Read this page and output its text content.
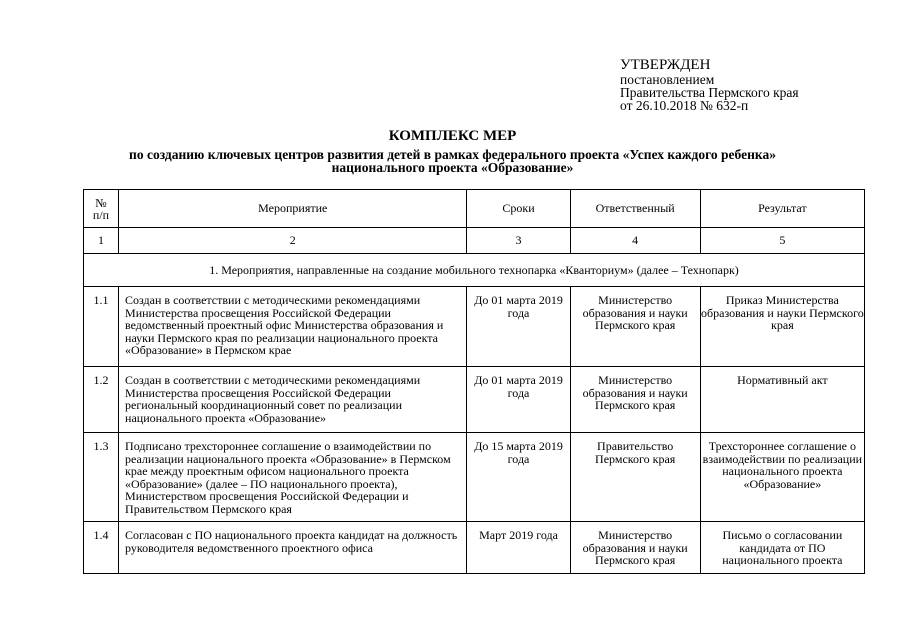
УТВЕРЖДЕН
постановлением
Правительства Пермского края
от 26.10.2018 № 632-п
КОМПЛЕКС МЕР
по созданию ключевых центров развития детей в рамках федерального проекта «Успех каждого ребенка»
национального проекта «Образование»
№
п/п	Мероприятие	Сроки	Ответственный	Результат
1	2	3	4	5
1. Мероприятия, направленные на создание мобильного технопарка «Кванториум» (далее – Технопарк)				
1.1	Создан в соответствии с методическими рекомендациями Министерства просвещения Российской Федерации ведомственный проектный офис Министерства образования и науки Пермского края по реализации национального проекта «Образование» в Пермском крае	До 01 марта 2019 года	Министерство образования и науки Пермского края	Приказ Министерства образования и науки Пермского края
1.2	Создан в соответствии с методическими рекомендациями Министерства просвещения Российской Федерации региональный координационный совет по реализации национального проекта «Образование»	До 01 марта 2019 года	Министерство образования и науки Пермского края	Нормативный акт
1.3	Подписано трехстороннее соглашение о взаимодействии по реализации национального проекта «Образование» в Пермском крае между проектным офисом национального проекта «Образование» (далее – ПО национального проекта), Министерством просвещения Российской Федерации и Правительством Пермского края	До 15 марта 2019 года	Правительство Пермского края	Трехстороннее соглашение о взаимодействии по реализации национального проекта «Образование»
1.4	Согласован с ПО национального проекта кандидат на должность руководителя ведомственного проектного офиса	Март 2019 года	Министерство образования и науки Пермского края	Письмо о согласовании кандидата от ПО национального проекта
